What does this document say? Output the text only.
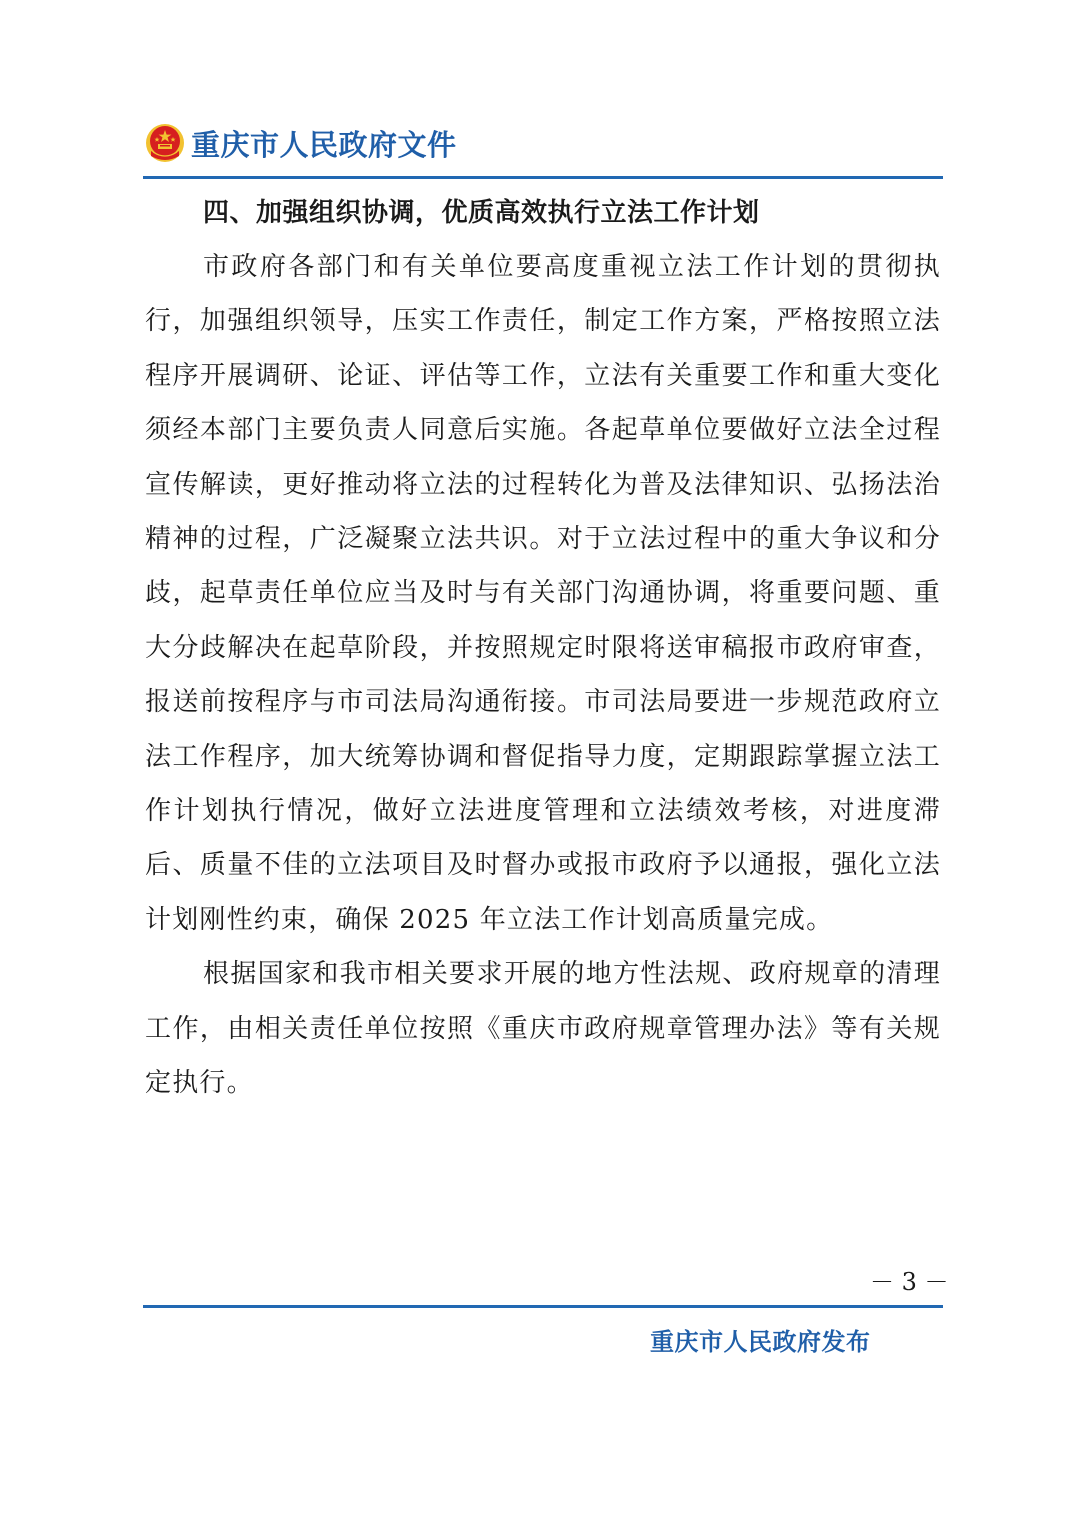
重庆市人民政府文件
四、加强组织协调，优质高效执行立法工作计划

市政府各部门和有关单位要高度重视立法工作计划的贯彻执行，加强组织领导，压实工作责任，制定工作方案，严格按照立法程序开展调研、论证、评估等工作，立法有关重要工作和重大变化须经本部门主要负责人同意后实施。各起草单位要做好立法全过程宣传解读，更好推动将立法的过程转化为普及法律知识、弘扬法治精神的过程，广泛凝聚立法共识。对于立法过程中的重大争议和分歧，起草责任单位应当及时与有关部门沟通协调，将重要问题、重大分歧解决在起草阶段，并按照规定时限将送审稿报市政府审查，报送前按程序与市司法局沟通衔接。市司法局要进一步规范政府立法工作程序，加大统筹协调和督促指导力度，定期跟踪掌握立法工作计划执行情况，做好立法进度管理和立法绩效考核，对进度滞后、质量不佳的立法项目及时督办或报市政府予以通报，强化立法计划刚性约束，确保 2025 年立法工作计划高质量完成。

根据国家和我市相关要求开展的地方性法规、政府规章的清理工作，由相关责任单位按照《重庆市政府规章管理办法》等有关规定执行。

－ 3 －
重庆市人民政府发布
